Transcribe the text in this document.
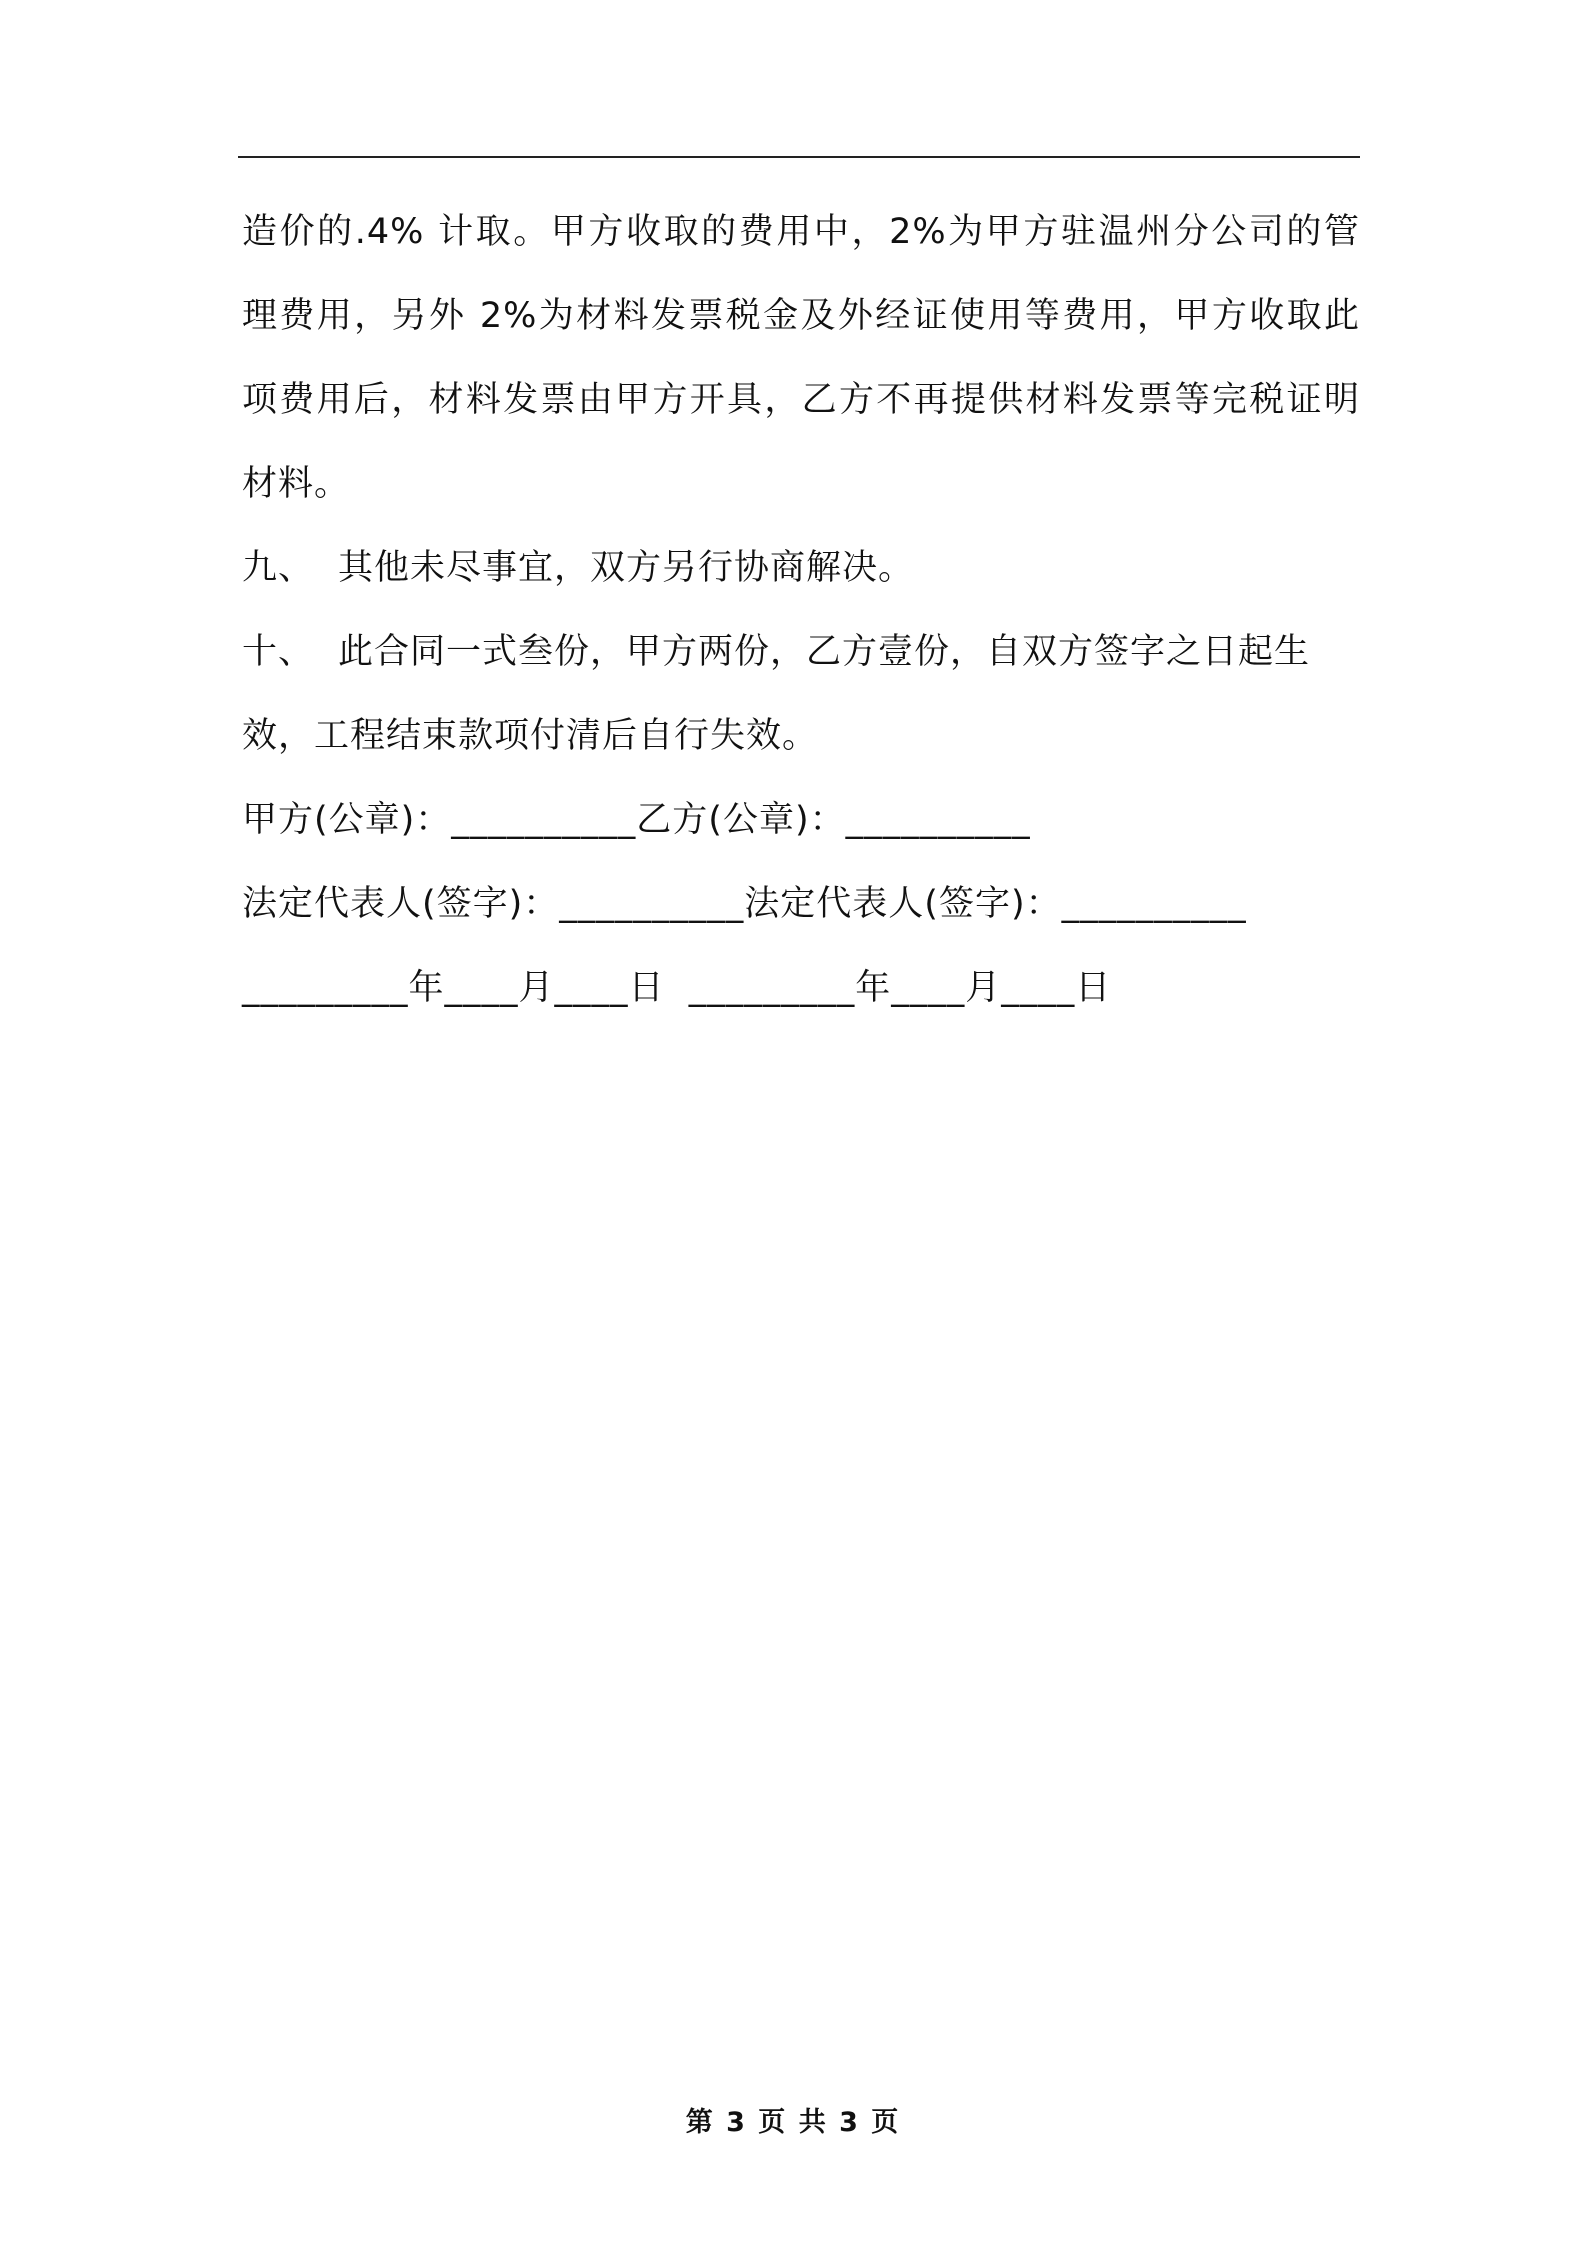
造价的.4% 计取。甲方收取的费用中，2%为甲方驻温州分公司的管
理费用，另外 2%为材料发票税金及外经证使用等费用，甲方收取此
项费用后，材料发票由甲方开具，乙方不再提供材料发票等完税证明
材料。
九、 其他未尽事宜，双方另行协商解决。
十、 此合同一式叁份，甲方两份，乙方壹份，自双方签字之日起生
效，工程结束款项付清后自行失效。
甲方(公章)：__________乙方(公章)：__________
法定代表人(签字)：__________法定代表人(签字)：__________
_________年____月____日  _________年____月____日
第 3 页 共 3 页
